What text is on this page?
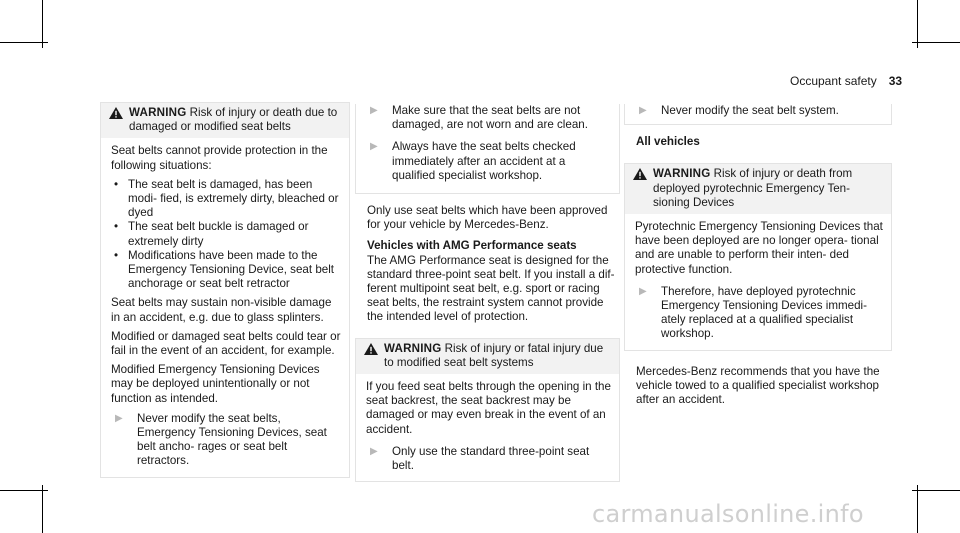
Occupant safety 33
WARNING Risk of injury or death due to damaged or modified seat belts

Seat belts cannot provide protection in the following situations:

• The seat belt is damaged, has been modi‐ fied, is extremely dirty, bleached or dyed
• The seat belt buckle is damaged or extremely dirty
• Modifications have been made to the Emergency Tensioning Device, seat belt anchorage or seat belt retractor

Seat belts may sustain non-visible damage in an accident, e.g. due to glass splinters.

Modified or damaged seat belts could tear or fail in the event of an accident, for example.

Modified Emergency Tensioning Devices may be deployed unintentionally or not function as intended.

▶	Never modify the seat belts, Emergency Tensioning Devices, seat belt ancho‐ rages or seat belt retractors.
▶	Make sure that the seat belts are not damaged, are not worn and are clean.
▶	Always have the seat belts checked immediately after an accident at a qualified specialist workshop.

Only use seat belts which have been approved for your vehicle by Mercedes-Benz.

Vehicles with AMG Performance seats

The AMG Performance seat is designed for the standard three-point seat belt. If you install a dif‐ ferent multipoint seat belt, e.g. sport or racing seat belts, the restraint system cannot provide the intended level of protection.

WARNING Risk of injury or fatal injury due to modified seat belt systems

If you feed seat belts through the opening in the seat backrest, the seat backrest may be damaged or may even break in the event of an accident.

▶	Only use the standard three-point seat belt.
▶	Never modify the seat belt system.

All vehicles

WARNING Risk of injury or death from deployed pyrotechnic Emergency Ten‐ sioning Devices

Pyrotechnic Emergency Tensioning Devices that have been deployed are no longer opera‐ tional and are unable to perform their inten‐ ded protective function.

▶	Therefore, have deployed pyrotechnic Emergency Tensioning Devices immedi‐ ately replaced at a qualified specialist workshop.

Mercedes-Benz recommends that you have the vehicle towed to a qualified specialist workshop after an accident.

carmanualsonline.info
